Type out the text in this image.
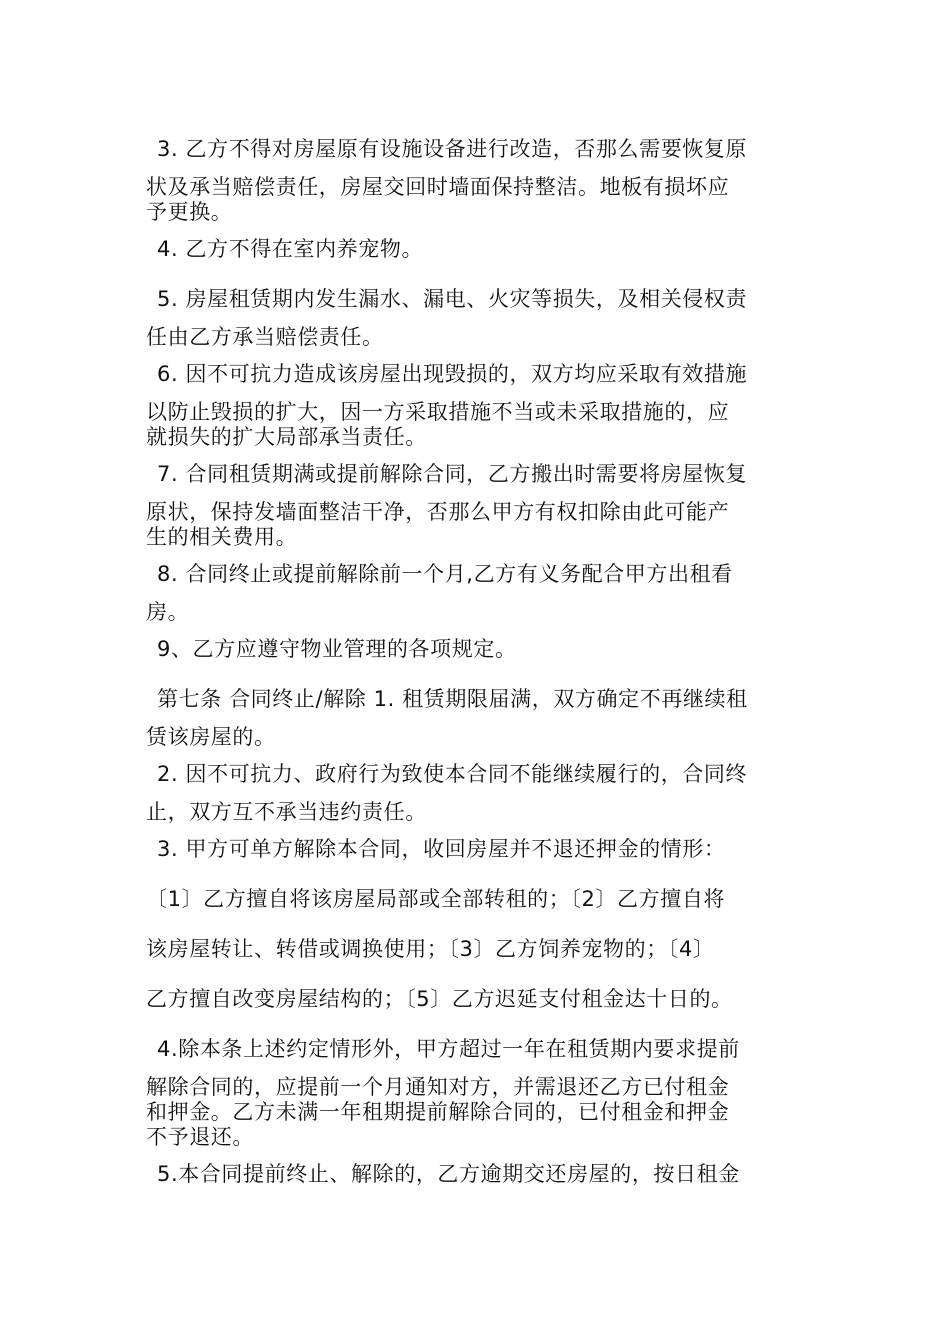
3. 乙方不得对房屋原有设施设备进行改造，否那么需要恢复原
状及承当赔偿责任，房屋交回时墙面保持整洁。地板有损坏应
予更换。
4. 乙方不得在室内养宠物。
5. 房屋租赁期内发生漏水、漏电、火灾等损失，及相关侵权责
任由乙方承当赔偿责任。
6. 因不可抗力造成该房屋出现毁损的，双方均应采取有效措施
以防止毁损的扩大，因一方采取措施不当或未采取措施的，应
就损失的扩大局部承当责任。
7. 合同租赁期满或提前解除合同，乙方搬出时需要将房屋恢复
原状，保持发墙面整洁干净，否那么甲方有权扣除由此可能产
生的相关费用。
8. 合同终止或提前解除前一个月,乙方有义务配合甲方出租看
房。
9、乙方应遵守物业管理的各项规定。
第七条 合同终止/解除 1. 租赁期限届满，双方确定不再继续租
赁该房屋的。
2. 因不可抗力、政府行为致使本合同不能继续履行的，合同终
止，双方互不承当违约责任。
3. 甲方可单方解除本合同，收回房屋并不退还押金的情形：
〔1〕乙方擅自将该房屋局部或全部转租的；〔2〕乙方擅自将
该房屋转让、转借或调换使用；〔3〕乙方饲养宠物的；〔4〕
乙方擅自改变房屋结构的；〔5〕乙方迟延支付租金达十日的。
4.除本条上述约定情形外，甲方超过一年在租赁期内要求提前
解除合同的，应提前一个月通知对方，并需退还乙方已付租金
和押金。乙方未满一年租期提前解除合同的，已付租金和押金
不予退还。
5.本合同提前终止、解除的，乙方逾期交还房屋的，按日租金
